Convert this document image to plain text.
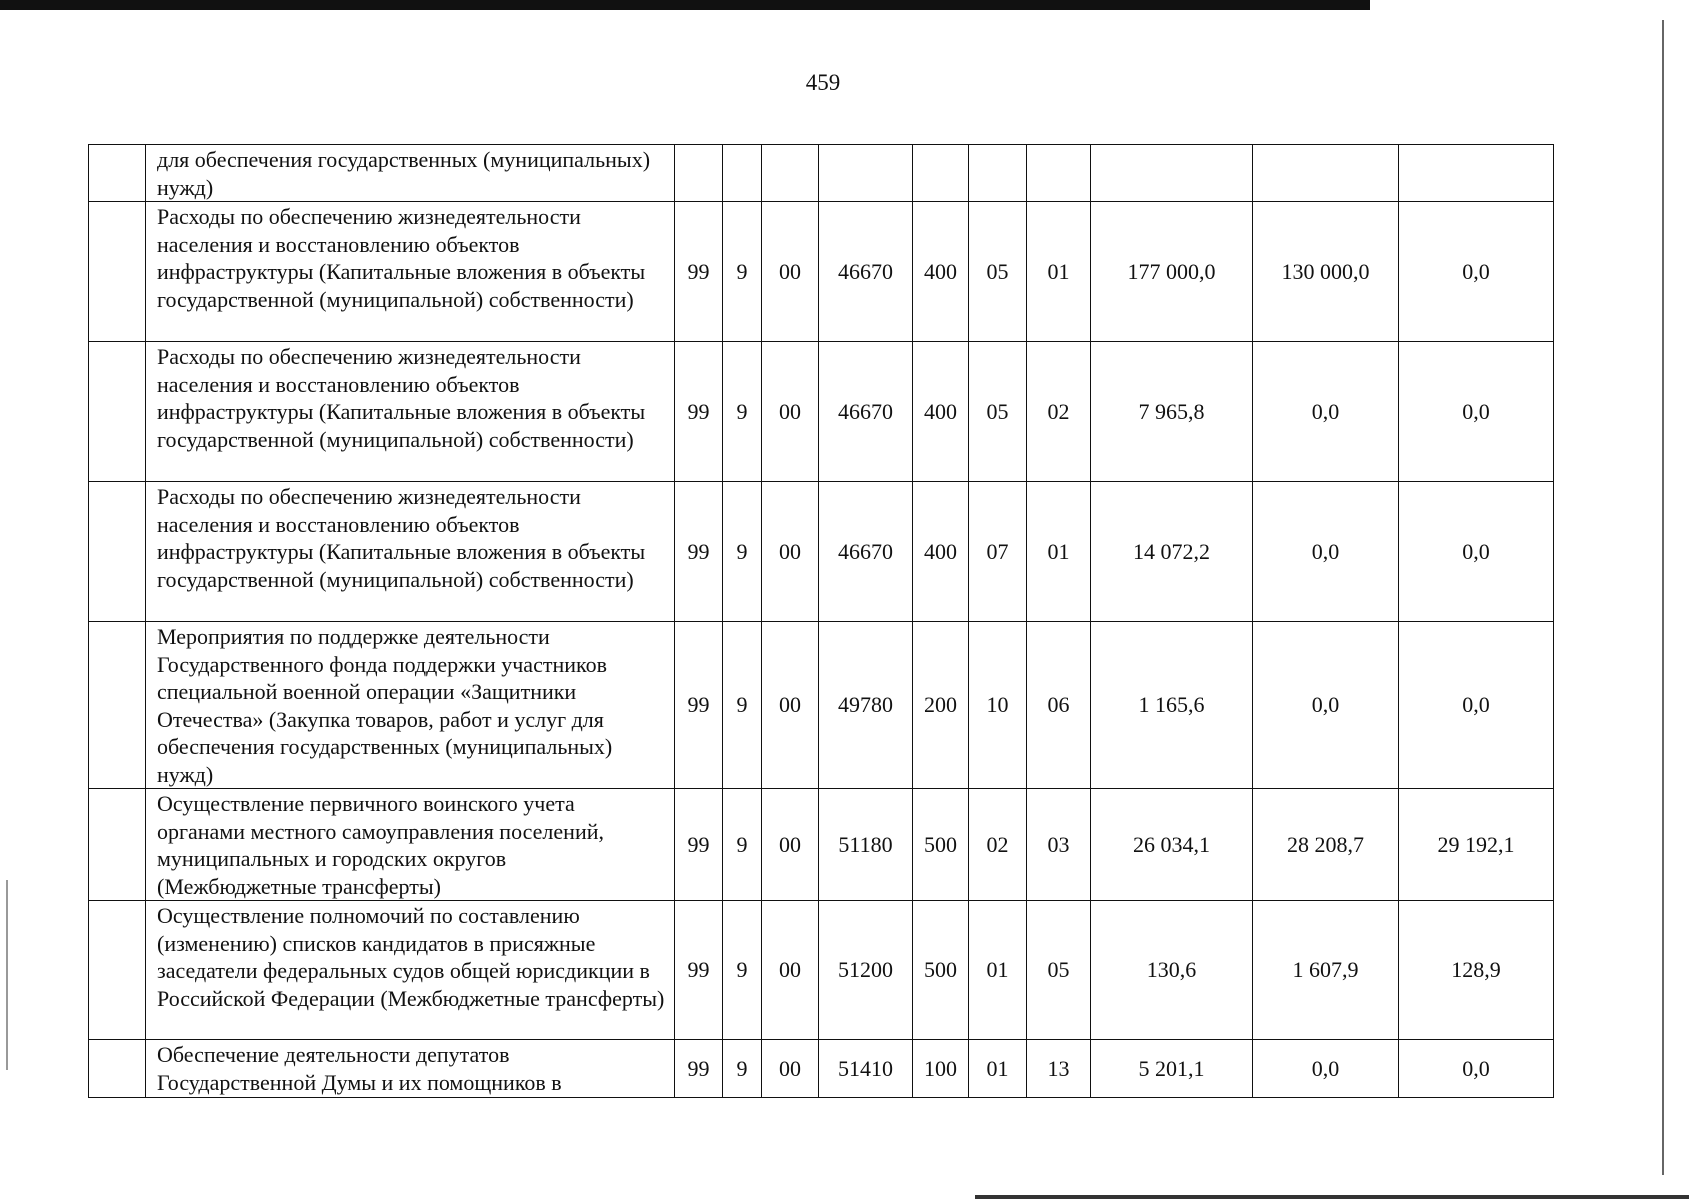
459
	для обеспечения государственных (муниципальных) нужд)										
	Расходы по обеспечению жизнедеятельности населения и восстановлению объектов инфраструктуры (Капитальные вложения в объекты государственной (муниципальной) собственности)	99	9	00	46670	400	05	01	177 000,0	130 000,0	0,0
	Расходы по обеспечению жизнедеятельности населения и восстановлению объектов инфраструктуры (Капитальные вложения в объекты государственной (муниципальной) собственности)	99	9	00	46670	400	05	02	7 965,8	0,0	0,0
	Расходы по обеспечению жизнедеятельности населения и восстановлению объектов инфраструктуры (Капитальные вложения в объекты государственной (муниципальной) собственности)	99	9	00	46670	400	07	01	14 072,2	0,0	0,0
	Мероприятия по поддержке деятельности Государственного фонда поддержки участников специальной военной операции «Защитники Отечества» (Закупка товаров, работ и услуг для обеспечения государственных (муниципальных) нужд)	99	9	00	49780	200	10	06	1 165,6	0,0	0,0
	Осуществление первичного воинского учета органами местного самоуправления поселений, муниципальных и городских округов (Межбюджетные трансферты)	99	9	00	51180	500	02	03	26 034,1	28 208,7	29 192,1
	Осуществление полномочий по составлению (изменению) списков кандидатов в присяжные заседатели федеральных судов общей юрисдикции в Российской Федерации (Межбюджетные трансферты)	99	9	00	51200	500	01	05	130,6	1 607,9	128,9
	Обеспечение деятельности депутатов Государственной Думы и их помощников в	99	9	00	51410	100	01	13	5 201,1	0,0	0,0
